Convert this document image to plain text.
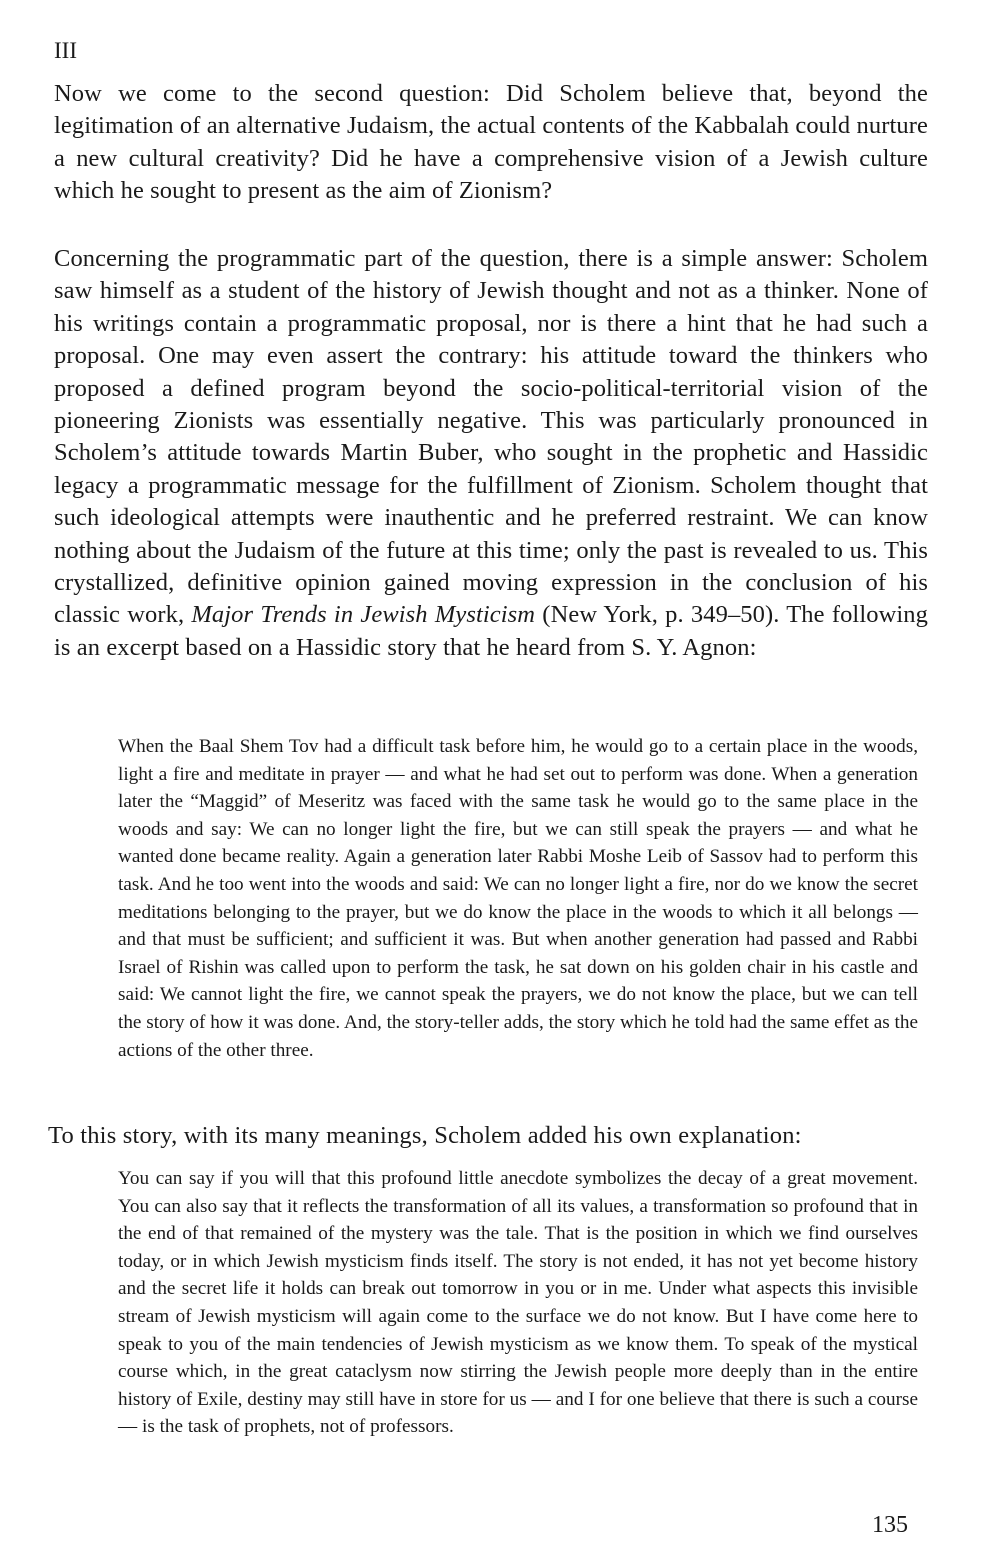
III

Now we come to the second question: Did Scholem believe that, beyond the legitimation of an alternative Judaism, the actual contents of the Kabbalah could nurture a new cultural creativity? Did he have a comprehensive vision of a Jewish culture which he sought to present as the aim of Zionism?

Concerning the programmatic part of the question, there is a simple answer: Scholem saw himself as a student of the history of Jewish thought and not as a thinker. None of his writings contain a programmatic proposal, nor is there a hint that he had such a proposal. One may even assert the contrary: his attitude toward the thinkers who proposed a defined program beyond the socio-political-territorial vision of the pioneering Zionists was essentially negative. This was particularly pronounced in Scholem’s attitude towards Martin Buber, who sought in the prophetic and Hassidic legacy a programmatic message for the fulfillment of Zionism. Scholem thought that such ideological attempts were inauthentic and he preferred restraint. We can know nothing about the Judaism of the future at this time; only the past is revealed to us. This crystallized, definitive opinion gained moving expression in the conclusion of his classic work, Major Trends in Jewish Mysticism (New York, p. 349–50). The following is an excerpt based on a Hassidic story that he heard from S. Y. Agnon:

When the Baal Shem Tov had a difficult task before him, he would go to a certain place in the woods, light a fire and meditate in prayer — and what he had set out to perform was done. When a generation later the “Maggid” of Meseritz was faced with the same task he would go to the same place in the woods and say: We can no longer light the fire, but we can still speak the prayers — and what he wanted done became reality. Again a generation later Rabbi Moshe Leib of Sassov had to perform this task. And he too went into the woods and said: We can no longer light a fire, nor do we know the secret meditations belonging to the prayer, but we do know the place in the woods to which it all belongs — and that must be sufficient; and sufficient it was. But when another generation had passed and Rabbi Israel of Rishin was called upon to perform the task, he sat down on his golden chair in his castle and said: We cannot light the fire, we cannot speak the prayers, we do not know the place, but we can tell the story of how it was done. And, the story-teller adds, the story which he told had the same effet as the actions of the other three.

To this story, with its many meanings, Scholem added his own explanation:

You can say if you will that this profound little anecdote symbolizes the decay of a great movement. You can also say that it reflects the transformation of all its values, a transformation so profound that in the end of that remained of the mystery was the tale. That is the position in which we find ourselves today, or in which Jewish mysticism finds itself. The story is not ended, it has not yet become history and the secret life it holds can break out tomorrow in you or in me. Under what aspects this invisible stream of Jewish mysticism will again come to the surface we do not know. But I have come here to speak to you of the main tendencies of Jewish mysticism as we know them. To speak of the mystical course which, in the great cataclysm now stirring the Jewish people more deeply than in the entire history of Exile, destiny may still have in store for us — and I for one believe that there is such a course — is the task of prophets, not of professors.
135
